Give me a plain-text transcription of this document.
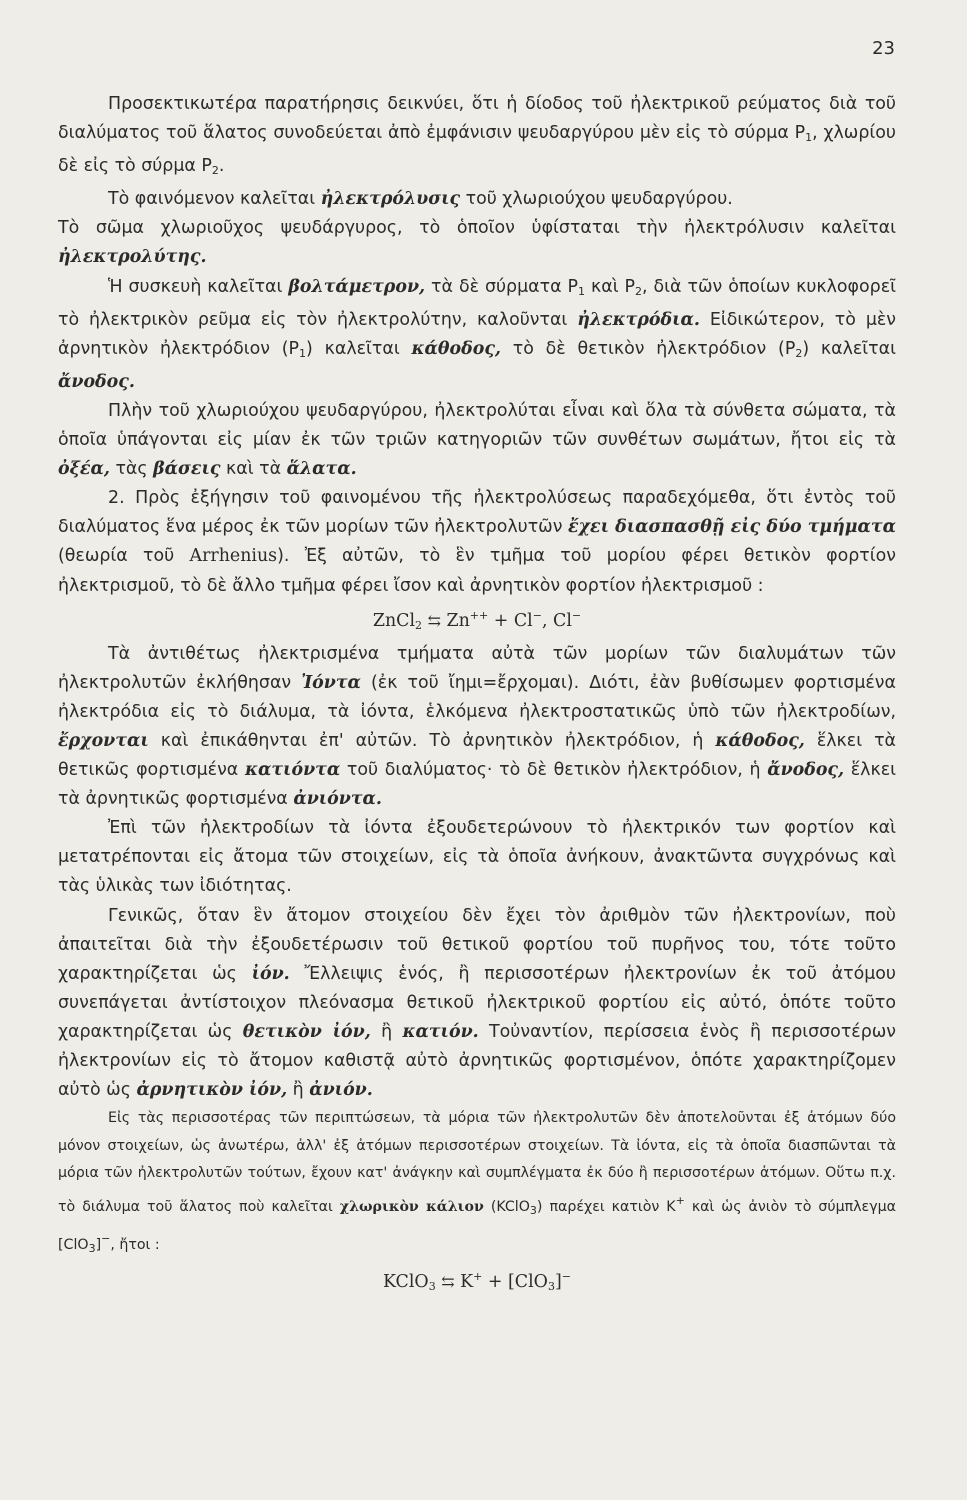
23

Προσεκτικωτέρα παρατήρησις δεικνύει, ὅτι ἡ δίοδος τοῦ ἠλεκτρικοῦ ρεύματος διὰ τοῦ διαλύματος τοῦ ἅλατος συνοδεύεται ἀπὸ ἐμφάνισιν ψευδαργύρου μὲν εἰς τὸ σύρμα $P_1$, χλωρίου δὲ εἰς τὸ σύρμα $P_2$.

Τὸ φαινόμενον καλεῖται ἠλεκτρόλυσις τοῦ χλωριούχου ψευδαργύρου.

Τὸ σῶμα χλωριοῦχος ψευδάργυρος, τὸ ὁποῖον ὑφίσταται τὴν ἠλεκτρόλυσιν καλεῖται ἠλεκτρολύτης.

Ἡ συσκευὴ καλεῖται βολτάμετρον, τὰ δὲ σύρματα $P_1$ καὶ $P_2$, διὰ τῶν ὁποίων κυκλοφορεῖ τὸ ἠλεκτρικὸν ρεῦμα εἰς τὸν ἠλεκτρολύτην, καλοῦνται ἠλεκτρόδια. Εἰδικώτερον, τὸ μὲν ἀρνητικὸν ἠλεκτρόδιον $(P_1)$ καλεῖται κάθοδος, τὸ δὲ θετικὸν ἠλεκτρόδιον $(P_2)$ καλεῖται ἄνοδος.

Πλὴν τοῦ χλωριούχου ψευδαργύρου, ἠλεκτρολύται εἶναι καὶ ὅλα τὰ σύνθετα σώματα, τὰ ὁποῖα ὑπάγονται εἰς μίαν ἐκ τῶν τριῶν κατηγοριῶν τῶν συνθέτων σωμάτων, ἤτοι εἰς τὰ ὀξέα, τὰς βάσεις καὶ τὰ ἅλατα.

2. Πρὸς ἐξήγησιν τοῦ φαινομένου τῆς ἠλεκτρολύσεως παραδεχόμεθα, ὅτι ἐντὸς τοῦ διαλύματος ἕνα μέρος ἐκ τῶν μορίων τῶν ἠλεκτρολυτῶν ἔχει διασπασθῇ εἰς δύο τμήματα (θεωρία τοῦ Arrhenius). Ἐξ αὐτῶν, τὸ ἓν τμῆμα τοῦ μορίου φέρει θετικὸν φορτίον ἠλεκτρισμοῦ, τὸ δὲ ἄλλο τμῆμα φέρει ἴσον καὶ ἀρνητικὸν φορτίον ἠλεκτρισμοῦ :

ZnCl$_2$ ⇆ Zn++ + Cl−, Cl−

Τὰ ἀντιθέτως ἠλεκτρισμένα τμήματα αὐτὰ τῶν μορίων τῶν διαλυμάτων τῶν ἠλεκτρολυτῶν ἐκλήθησαν Ἰόντα (ἐκ τοῦ ἴημι=ἔρχομαι). Διότι, ἐὰν βυθίσωμεν φορτισμένα ἠλεκτρόδια εἰς τὸ διάλυμα, τὰ ἰόντα, ἑλκόμενα ἠλεκτροστατικῶς ὑπὸ τῶν ἠλεκτροδίων, ἔρχονται καὶ ἐπικάθηνται ἐπ' αὐτῶν. Τὸ ἀρνητικὸν ἠλεκτρόδιον, ἡ κάθοδος, ἕλκει τὰ θετικῶς φορτισμένα κατιόντα τοῦ διαλύματος· τὸ δὲ θετικὸν ἠλεκτρόδιον, ἡ ἄνοδος, ἕλκει τὰ ἀρνητικῶς φορτισμένα ἀνιόντα.

Ἐπὶ τῶν ἠλεκτροδίων τὰ ἰόντα ἐξουδετερώνουν τὸ ἠλεκτρικόν των φορτίον καὶ μετατρέπονται εἰς ἄτομα τῶν στοιχείων, εἰς τὰ ὁποῖα ἀνήκουν, ἀνακτῶντα συγχρόνως καὶ τὰς ὑλικὰς των ἰδιότητας.

Γενικῶς, ὅταν ἓν ἄτομον στοιχείου δὲν ἔχει τὸν ἀριθμὸν τῶν ἠλεκτρονίων, ποὺ ἀπαιτεῖται διὰ τὴν ἐξουδετέρωσιν τοῦ θετικοῦ φορτίου τοῦ πυρῆνος του, τότε τοῦτο χαρακτηρίζεται ὡς ἰόν. Ἔλλειψις ἑνός, ἢ περισσοτέρων ἠλεκτρονίων ἐκ τοῦ ἀτόμου συνεπάγεται ἀντίστοιχον πλεόνασμα θετικοῦ ἠλεκτρικοῦ φορτίου εἰς αὐτό, ὁπότε τοῦτο χαρακτηρίζεται ὡς θετικὸν ἰόν, ἢ κατιόν. Τοὐναντίον, περίσσεια ἑνὸς ἢ περισσοτέρων ἠλεκτρονίων εἰς τὸ ἄτομον καθιστᾷ αὐτὸ ἀρνητικῶς φορτισμένον, ὁπότε χαρακτηρίζομεν αὐτὸ ὡς ἀρνητικὸν ἰόν, ἢ ἀνιόν.

Εἰς τὰς περισσοτέρας τῶν περιπτώσεων, τὰ μόρια τῶν ἠλεκτρολυτῶν δὲν ἀποτελοῦνται ἐξ ἀτόμων δύο μόνον στοιχείων, ὡς ἀνωτέρω, ἀλλ' ἐξ ἀτόμων περισσοτέρων στοιχείων. Τὰ ἰόντα, εἰς τὰ ὁποῖα διασπῶνται τὰ μόρια τῶν ἠλεκτρολυτῶν τούτων, ἔχουν κατ' ἀνάγκην καὶ συμπλέγματα ἐκ δύο ἢ περισσοτέρων ἀτόμων. Οὕτω π.χ. τὸ διάλυμα τοῦ ἅλατος ποὺ καλεῖται χλωρικὸν κάλιον (KClO$_3$) παρέχει κατιὸν K+ καὶ ὡς ἀνιὸν τὸ σύμπλεγμα [ClO$_3$]−, ἤτοι :

KClO$_3$ ⇆ K+ + [ClO$_3$]−
